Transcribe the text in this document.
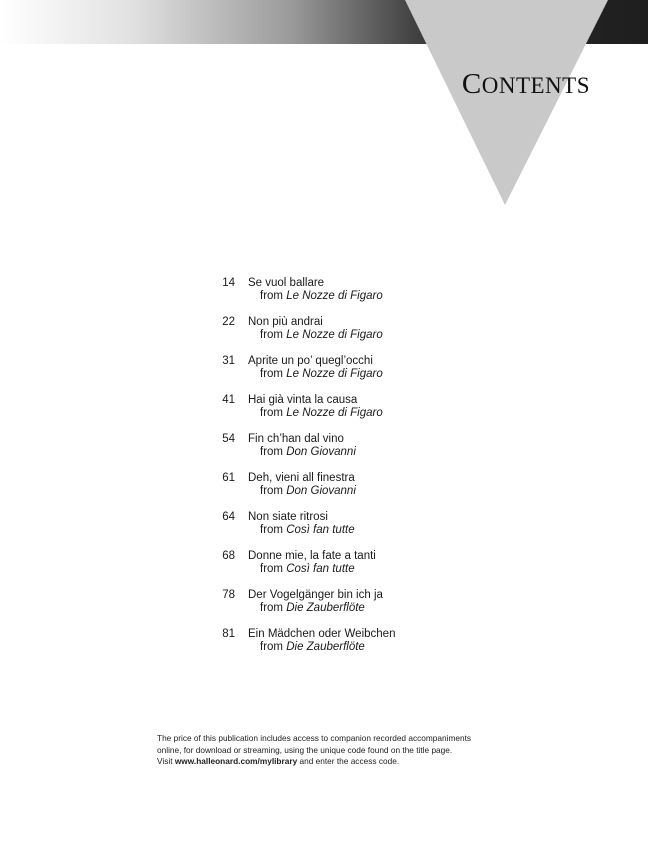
CONTENTS
14 Se vuol ballare
from Le Nozze di Figaro
22 Non più andrai
from Le Nozze di Figaro
31 Aprite un po’ quegl’occhi
from Le Nozze di Figaro
41 Hai già vinta la causa
from Le Nozze di Figaro
54 Fin ch’han dal vino
from Don Giovanni
61 Deh, vieni all finestra
from Don Giovanni
64 Non siate ritrosi
from Così fan tutte
68 Donne mie, la fate a tanti
from Così fan tutte
78 Der Vogelgänger bin ich ja
from Die Zauberflöte
81 Ein Mädchen oder Weibchen
from Die Zauberflöte
The price of this publication includes access to companion recorded accompaniments
online, for download or streaming, using the unique code found on the title page.
Visit www.halleonard.com/mylibrary and enter the access code.
